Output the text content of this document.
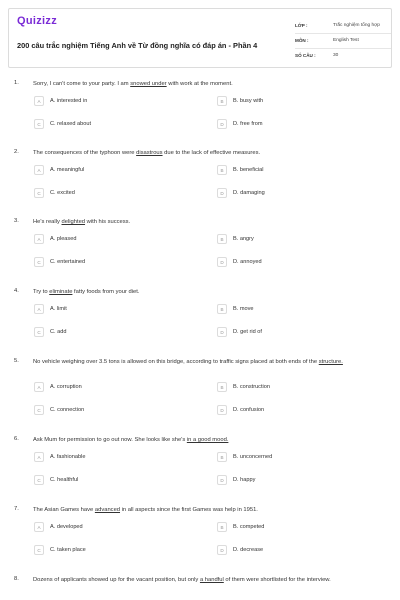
Quizizz
200 câu trắc nghiệm Tiếng Anh về Từ đồng nghĩa có đáp án - Phần 4
LỚP :	Trắc nghiệm tổng hợp
MÔN :	English Test
SỐ CÂU :	30
1. Sorry, I can't come to your party. I am snowed under with work at the moment.
A	A. interested in	B	B. busy with
C	C. relaxed about	D	D. free from
2. The consequences of the typhoon were disastrous due to the lack of effective measures.
A	A. meaningful	B	B. beneficial
C	C. excited	D	D. damaging
3. He's really delighted with his success.
A	A. pleased	B	B. angry
C	C. entertained	D	D. annoyed
4. Try to eliminate fatty foods from your diet.
A	A. limit	B	B. move
C	C. add	D	D. get rid of
5. No vehicle weighing over 3.5 tons is allowed on this bridge, according to traffic signs placed at both ends of the structure.
A	A. corruption	B	B. construction
C	C. connection	D	D. confusion
6. Ask Mum for permission to go out now. She looks like she's in a good mood.
A	A. fashionable	B	B. unconcerned
C	C. healthful	D	D. happy
7. The Asian Games have advanced in all aspects since the first Games was help in 1951.
A	A. developed	B	B. competed
C	C. taken place	D	D. decrease
8. Dozens of applicants showed up for the vacant position, but only a handful of them were shortlisted for the interview.
